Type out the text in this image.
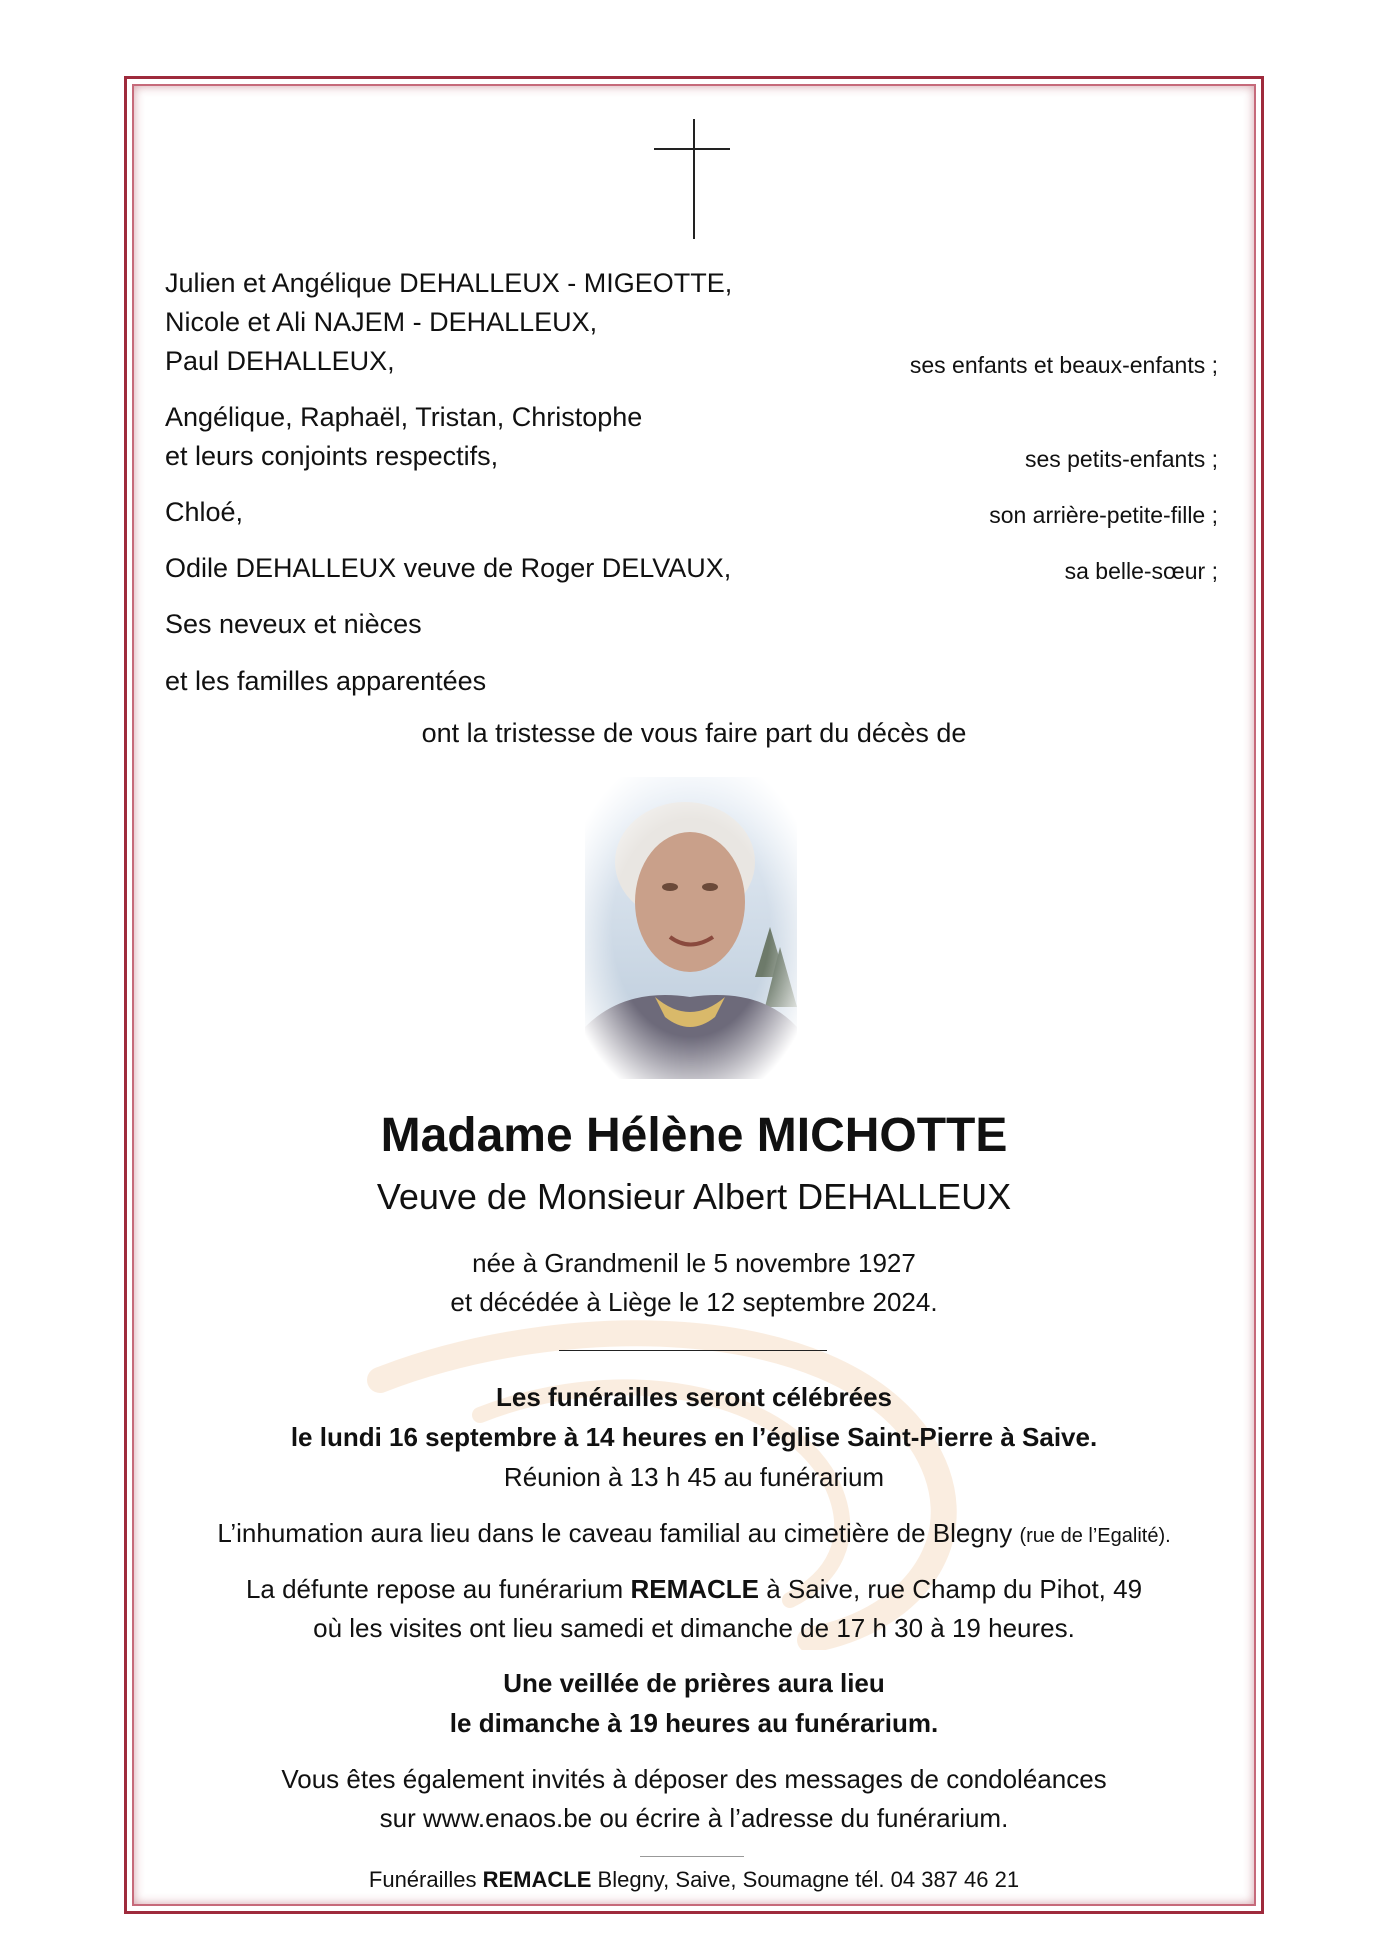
Julien et Angélique DEHALLEUX - MIGEOTTE,
Nicole et Ali NAJEM - DEHALLEUX,
Paul DEHALLEUX,	ses enfants et beaux-enfants ;
Angélique, Raphaël, Tristan, Christophe
et leurs conjoints respectifs,	ses petits-enfants ;
Chloé,	son arrière-petite-fille ;
Odile DEHALLEUX veuve de Roger DELVAUX,	sa belle-sœur ;
Ses neveux et nièces
et les familles apparentées
ont la tristesse de vous faire part du décès de
Madame Hélène MICHOTTE
Veuve de Monsieur Albert DEHALLEUX
née à Grandmenil le 5 novembre 1927
et décédée à Liège le 12 septembre 2024.
Les funérailles seront célébrées
le lundi 16 septembre à 14 heures en l’église Saint-Pierre à Saive.
Réunion à 13 h 45 au funérarium
L’inhumation aura lieu dans le caveau familial au cimetière de Blegny (rue de l’Egalité).
La défunte repose au funérarium REMACLE à Saive, rue Champ du Pihot, 49
où les visites ont lieu samedi et dimanche de 17 h 30 à 19 heures.
Une veillée de prières aura lieu
le dimanche à 19 heures au funérarium.
Vous êtes également invités à déposer des messages de condoléances
sur www.enaos.be ou écrire à l’adresse du funérarium.
Funérailles REMACLE Blegny, Saive, Soumagne tél. 04 387 46 21
